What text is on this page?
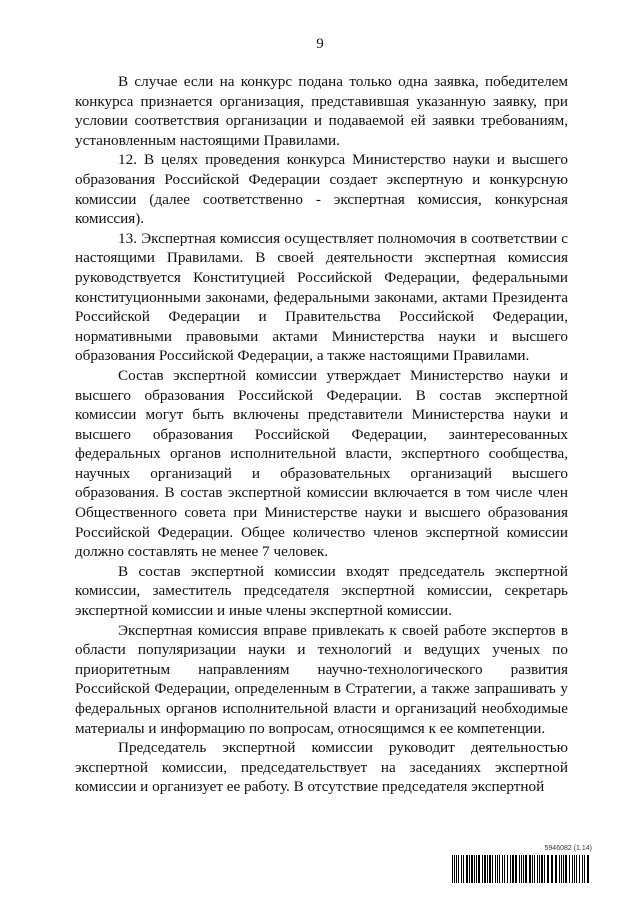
9

В случае если на конкурс подана только одна заявка, победителем конкурса признается организация, представившая указанную заявку, при условии соответствия организации и подаваемой ей заявки требованиям, установленным настоящими Правилами.

12. В целях проведения конкурса Министерство науки и высшего образования Российской Федерации создает экспертную и конкурсную комиссии (далее соответственно - экспертная комиссия, конкурсная комиссия).

13. Экспертная комиссия осуществляет полномочия в соответствии с настоящими Правилами. В своей деятельности экспертная комиссия руководствуется Конституцией Российской Федерации, федеральными конституционными законами, федеральными законами, актами Президента Российской Федерации и Правительства Российской Федерации, нормативными правовыми актами Министерства науки и высшего образования Российской Федерации, а также настоящими Правилами.

Состав экспертной комиссии утверждает Министерство науки и высшего образования Российской Федерации. В состав экспертной комиссии могут быть включены представители Министерства науки и высшего образования Российской Федерации, заинтересованных федеральных органов исполнительной власти, экспертного сообщества, научных организаций и образовательных организаций высшего образования. В состав экспертной комиссии включается в том числе член Общественного совета при Министерстве науки и высшего образования Российской Федерации. Общее количество членов экспертной комиссии должно составлять не менее 7 человек.

В состав экспертной комиссии входят председатель экспертной комиссии, заместитель председателя экспертной комиссии, секретарь экспертной комиссии и иные члены экспертной комиссии.

Экспертная комиссия вправе привлекать к своей работе экспертов в области популяризации науки и технологий и ведущих ученых по приоритетным направлениям научно-технологического развития Российской Федерации, определенным в Стратегии, а также запрашивать у федеральных органов исполнительной власти и организаций необходимые материалы и информацию по вопросам, относящимся к ее компетенции.

Председатель экспертной комиссии руководит деятельностью экспертной комиссии, председательствует на заседаниях экспертной комиссии и организует ее работу. В отсутствие председателя экспертной

5946082 (1.14)
